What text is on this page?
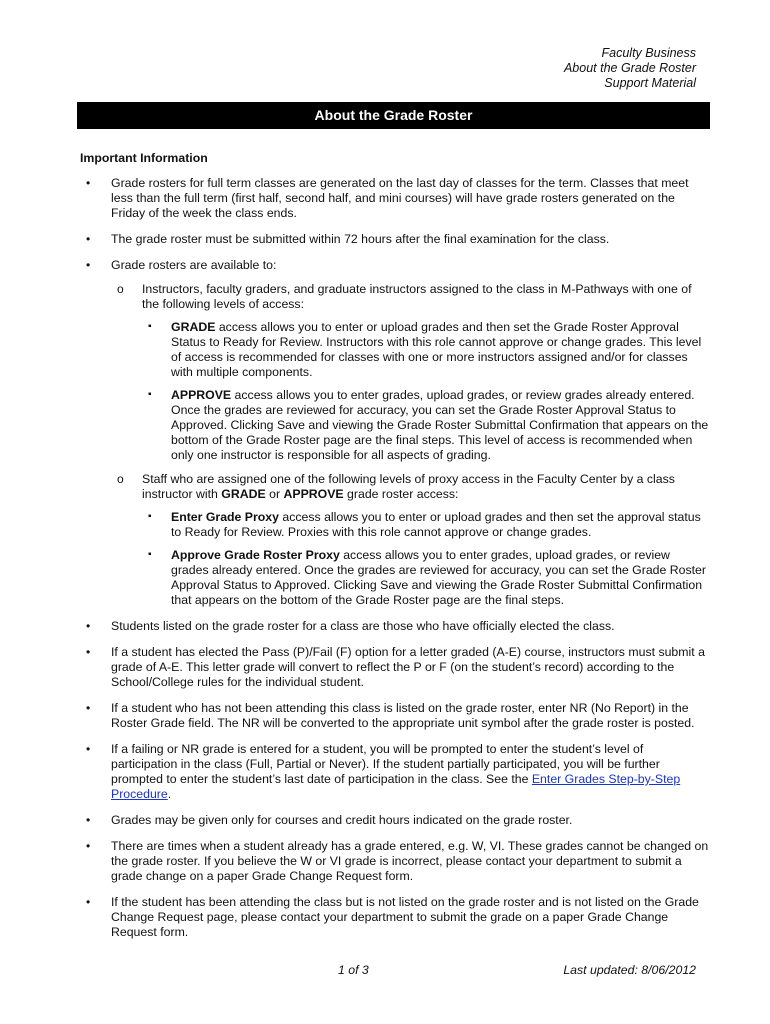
Faculty Business
About the Grade Roster
Support Material
About the Grade Roster
Important Information
• Grade rosters for full term classes are generated on the last day of classes for the term. Classes that meet less than the full term (first half, second half, and mini courses) will have grade rosters generated on the Friday of the week the class ends.
• The grade roster must be submitted within 72 hours after the final examination for the class.
• Grade rosters are available to:
o Instructors, faculty graders, and graduate instructors assigned to the class in M-Pathways with one of the following levels of access:
▪ GRADE access allows you to enter or upload grades and then set the Grade Roster Approval Status to Ready for Review. Instructors with this role cannot approve or change grades. This level of access is recommended for classes with one or more instructors assigned and/or for classes with multiple components.
▪ APPROVE access allows you to enter grades, upload grades, or review grades already entered. Once the grades are reviewed for accuracy, you can set the Grade Roster Approval Status to Approved. Clicking Save and viewing the Grade Roster Submittal Confirmation that appears on the bottom of the Grade Roster page are the final steps. This level of access is recommended when only one instructor is responsible for all aspects of grading.
o Staff who are assigned one of the following levels of proxy access in the Faculty Center by a class instructor with GRADE or APPROVE grade roster access:
▪ Enter Grade Proxy access allows you to enter or upload grades and then set the approval status to Ready for Review. Proxies with this role cannot approve or change grades.
▪ Approve Grade Roster Proxy access allows you to enter grades, upload grades, or review grades already entered. Once the grades are reviewed for accuracy, you can set the Grade Roster Approval Status to Approved. Clicking Save and viewing the Grade Roster Submittal Confirmation that appears on the bottom of the Grade Roster page are the final steps.
• Students listed on the grade roster for a class are those who have officially elected the class.
• If a student has elected the Pass (P)/Fail (F) option for a letter graded (A-E) course, instructors must submit a grade of A-E. This letter grade will convert to reflect the P or F (on the student’s record) according to the School/College rules for the individual student.
• If a student who has not been attending this class is listed on the grade roster, enter NR (No Report) in the Roster Grade field. The NR will be converted to the appropriate unit symbol after the grade roster is posted.
• If a failing or NR grade is entered for a student, you will be prompted to enter the student’s level of participation in the class (Full, Partial or Never). If the student partially participated, you will be further prompted to enter the student’s last date of participation in the class. See the Enter Grades Step-by-Step Procedure.
• Grades may be given only for courses and credit hours indicated on the grade roster.
• There are times when a student already has a grade entered, e.g. W, VI. These grades cannot be changed on the grade roster. If you believe the W or VI grade is incorrect, please contact your department to submit a grade change on a paper Grade Change Request form.
• If the student has been attending the class but is not listed on the grade roster and is not listed on the Grade Change Request page, please contact your department to submit the grade on a paper Grade Change Request form.
1 of 3	Last updated: 8/06/2012
